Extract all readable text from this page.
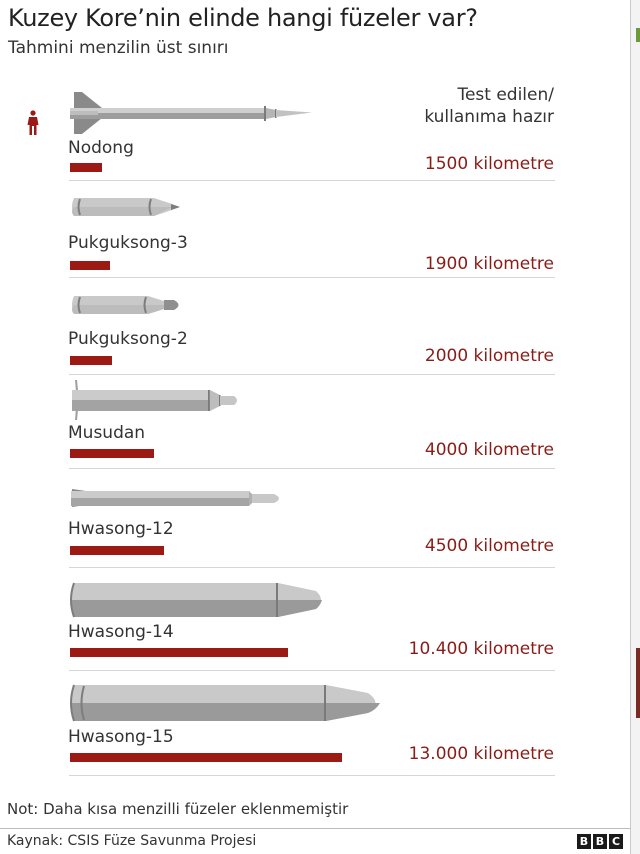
Kuzey Kore’nin elinde hangi füzeler var?
Tahmini menzilin üst sınırı
Test edilen/
kullanıma hazır
Nodong
1500 kilometre
Pukguksong-3
1900 kilometre
Pukguksong-2
2000 kilometre
Musudan
4000 kilometre
Hwasong-12
4500 kilometre
Hwasong-14
10.400 kilometre
Hwasong-15
13.000 kilometre
Not: Daha kısa menzilli füzeler eklenmemiştir
Kaynak: CSIS Füze Savunma Projesi	B B C
